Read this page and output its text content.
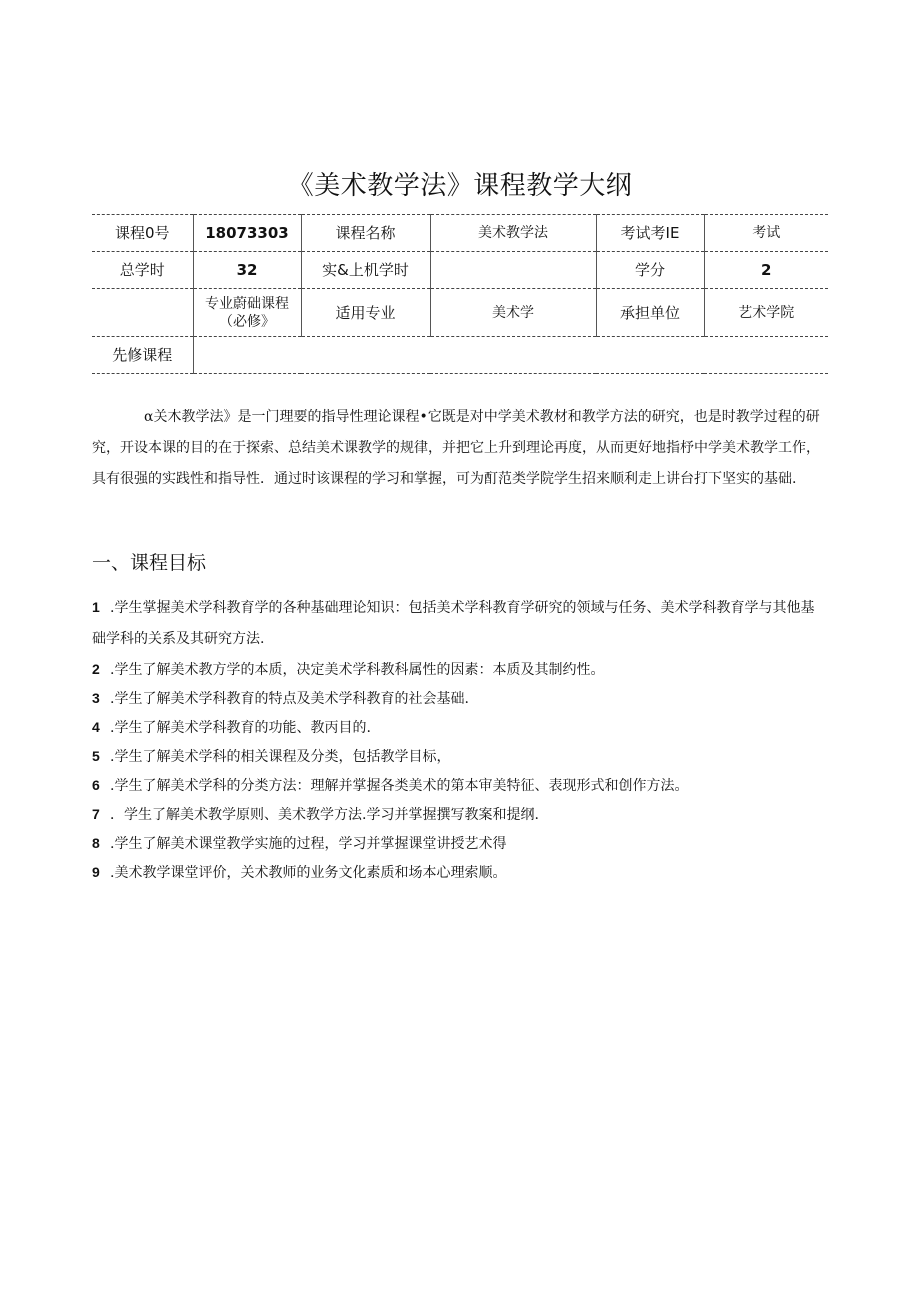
《美术教学法》课程教学大纲
课程0号	18073303	课程名称	美术教学法	考试考IE	考试
总学时	32	实&上机学时		学分	2
	专业蔚础课程（必修》	适用专业	美术学	承担单位	艺术学院
先修课程					

α关木教学法》是一门理要的指导性理论课程•它既是对中学美术教材和教学方法的研究，也是时教学过程的研究，开设本课的目的在于探索、总结美术课教学的规律，并把它上升到理论再度，从而更好地指杼中学美术教学工作，具有很强的实践性和指导性．通过时该课程的学习和掌握，可为酊范类学院学生招来顺利走上讲台打下坚实的基础.

一、课程目标
1 .学生掌握美术学科教育学的各种基础理论知识：包括美术学科教育学研究的领域与任务、美术学科教育学与其他基础学科的关系及其研究方法.
2 .学生了解美术教方学的本质，决定美术学科教科属性的因素：本质及其制约性。
3 .学生了解美术学科教育的特点及美术学科教育的社会基础.
4 .学生了解美术学科教育的功能、教丙目的.
5 .学生了解美术学科的相关课程及分类，包括教学目标，
6 .学生了解美术学科的分类方法：理解并掌握各类美术的第本审美特征、表现形式和创作方法。
7 ．学生了解美术教学原则、美术教学方法.学习并掌握撰写教案和提纲.
8 .学生了解美术课堂教学实施的过程，学习并掌握课堂讲授艺术得
9 .美术教学课堂评价，关术教师的业务文化素质和场本心理索顺。
